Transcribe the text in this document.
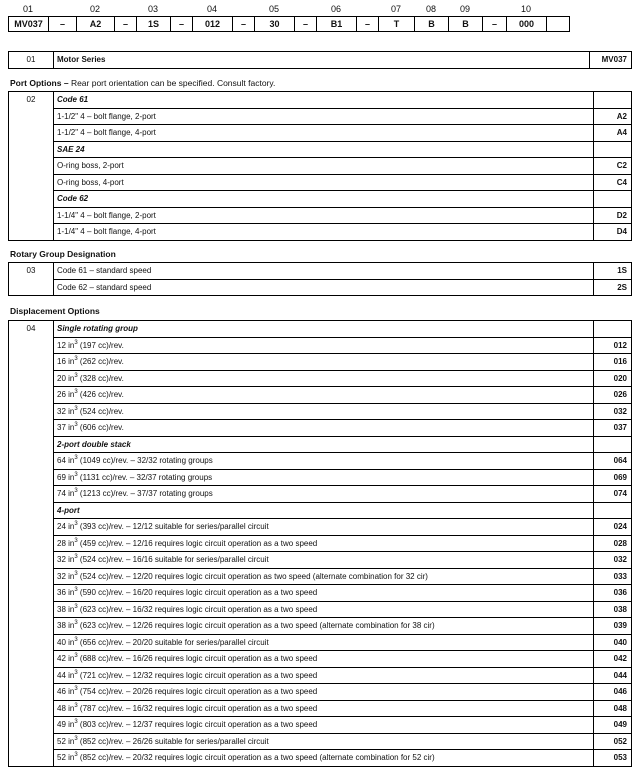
01	02	03	04	05	06	07	08	09	10
MV037	–	A2	–	1S	–	012	–	30	–	B1	–	T	B	B	–	000
01	Motor Series	MV037
Port Options – Rear port orientation can be specified. Consult factory.
02	Code 61	
	1-1/2" 4 – bolt flange, 2-port	A2
	1-1/2" 4 – bolt flange, 4-port	A4
	SAE 24	
	O-ring boss, 2-port	C2
	O-ring boss, 4-port	C4
	Code 62	
	1-1/4" 4 – bolt flange, 2-port	D2
	1-1/4" 4 – bolt flange, 4-port	D4
Rotary Group Designation
03	Code 61 – standard speed	1S
	Code 62 – standard speed	2S
Displacement Options
04	Single rotating group	
	12 $in^3$ (197 cc)/rev.	012
	16 $in^3$ (262 cc)/rev.	016
	20 $in^3$ (328 cc)/rev.	020
	26 $in^3$ (426 cc)/rev.	026
	32 $in^3$ (524 cc)/rev.	032
	37 $in^3$ (606 cc)/rev.	037
	2-port double stack	
	64 $in^3$ (1049 cc)/rev. – 32/32 rotating groups	064
	69 $in^3$ (1131 cc)/rev. – 32/37 rotating groups	069
	74 $in^3$ (1213 cc)/rev. – 37/37 rotating groups	074
	4-port	
	24 $in^3$ (393 cc)/rev. – 12/12 suitable for series/parallel circuit	024
	28 $in^3$ (459 cc)/rev. – 12/16 requires logic circuit operation as a two speed	028
	32 $in^3$ (524 cc)/rev. – 16/16 suitable for series/parallel circuit	032
	32 $in^3$ (524 cc)/rev. – 12/20 requires logic circuit operation as two speed (alternate combination for 32 cir)	033
	36 $in^3$ (590 cc)/rev. – 16/20 requires logic circuit operation as a two speed	036
	38 $in^3$ (623 cc)/rev. – 16/32 requires logic circuit operation as a two speed	038
	38 $in^3$ (623 cc)/rev. – 12/26 requires logic circuit operation as a two speed (alternate combination for 38 cir)	039
	40 $in^3$ (656 cc)/rev. – 20/20 suitable for series/parallel circuit	040
	42 $in^3$ (688 cc)/rev. – 16/26 requires logic circuit operation as a two speed	042
	44 $in^3$ (721 cc)/rev. – 12/32 requires logic circuit operation as a two speed	044
	46 $in^3$ (754 cc)/rev. – 20/26 requires logic circuit operation as a two speed	046
	48 $in^3$ (787 cc)/rev. – 16/32 requires logic circuit operation as a two speed	048
	49 $in^3$ (803 cc)/rev. – 12/37 requires logic circuit operation as a two speed	049
	52 $in^3$ (852 cc)/rev. – 26/26 suitable for series/parallel circuit	052
	52 $in^3$ (852 cc)/rev. – 20/32 requires logic circuit operation as a two speed (alternate combination for 52 cir)	053
